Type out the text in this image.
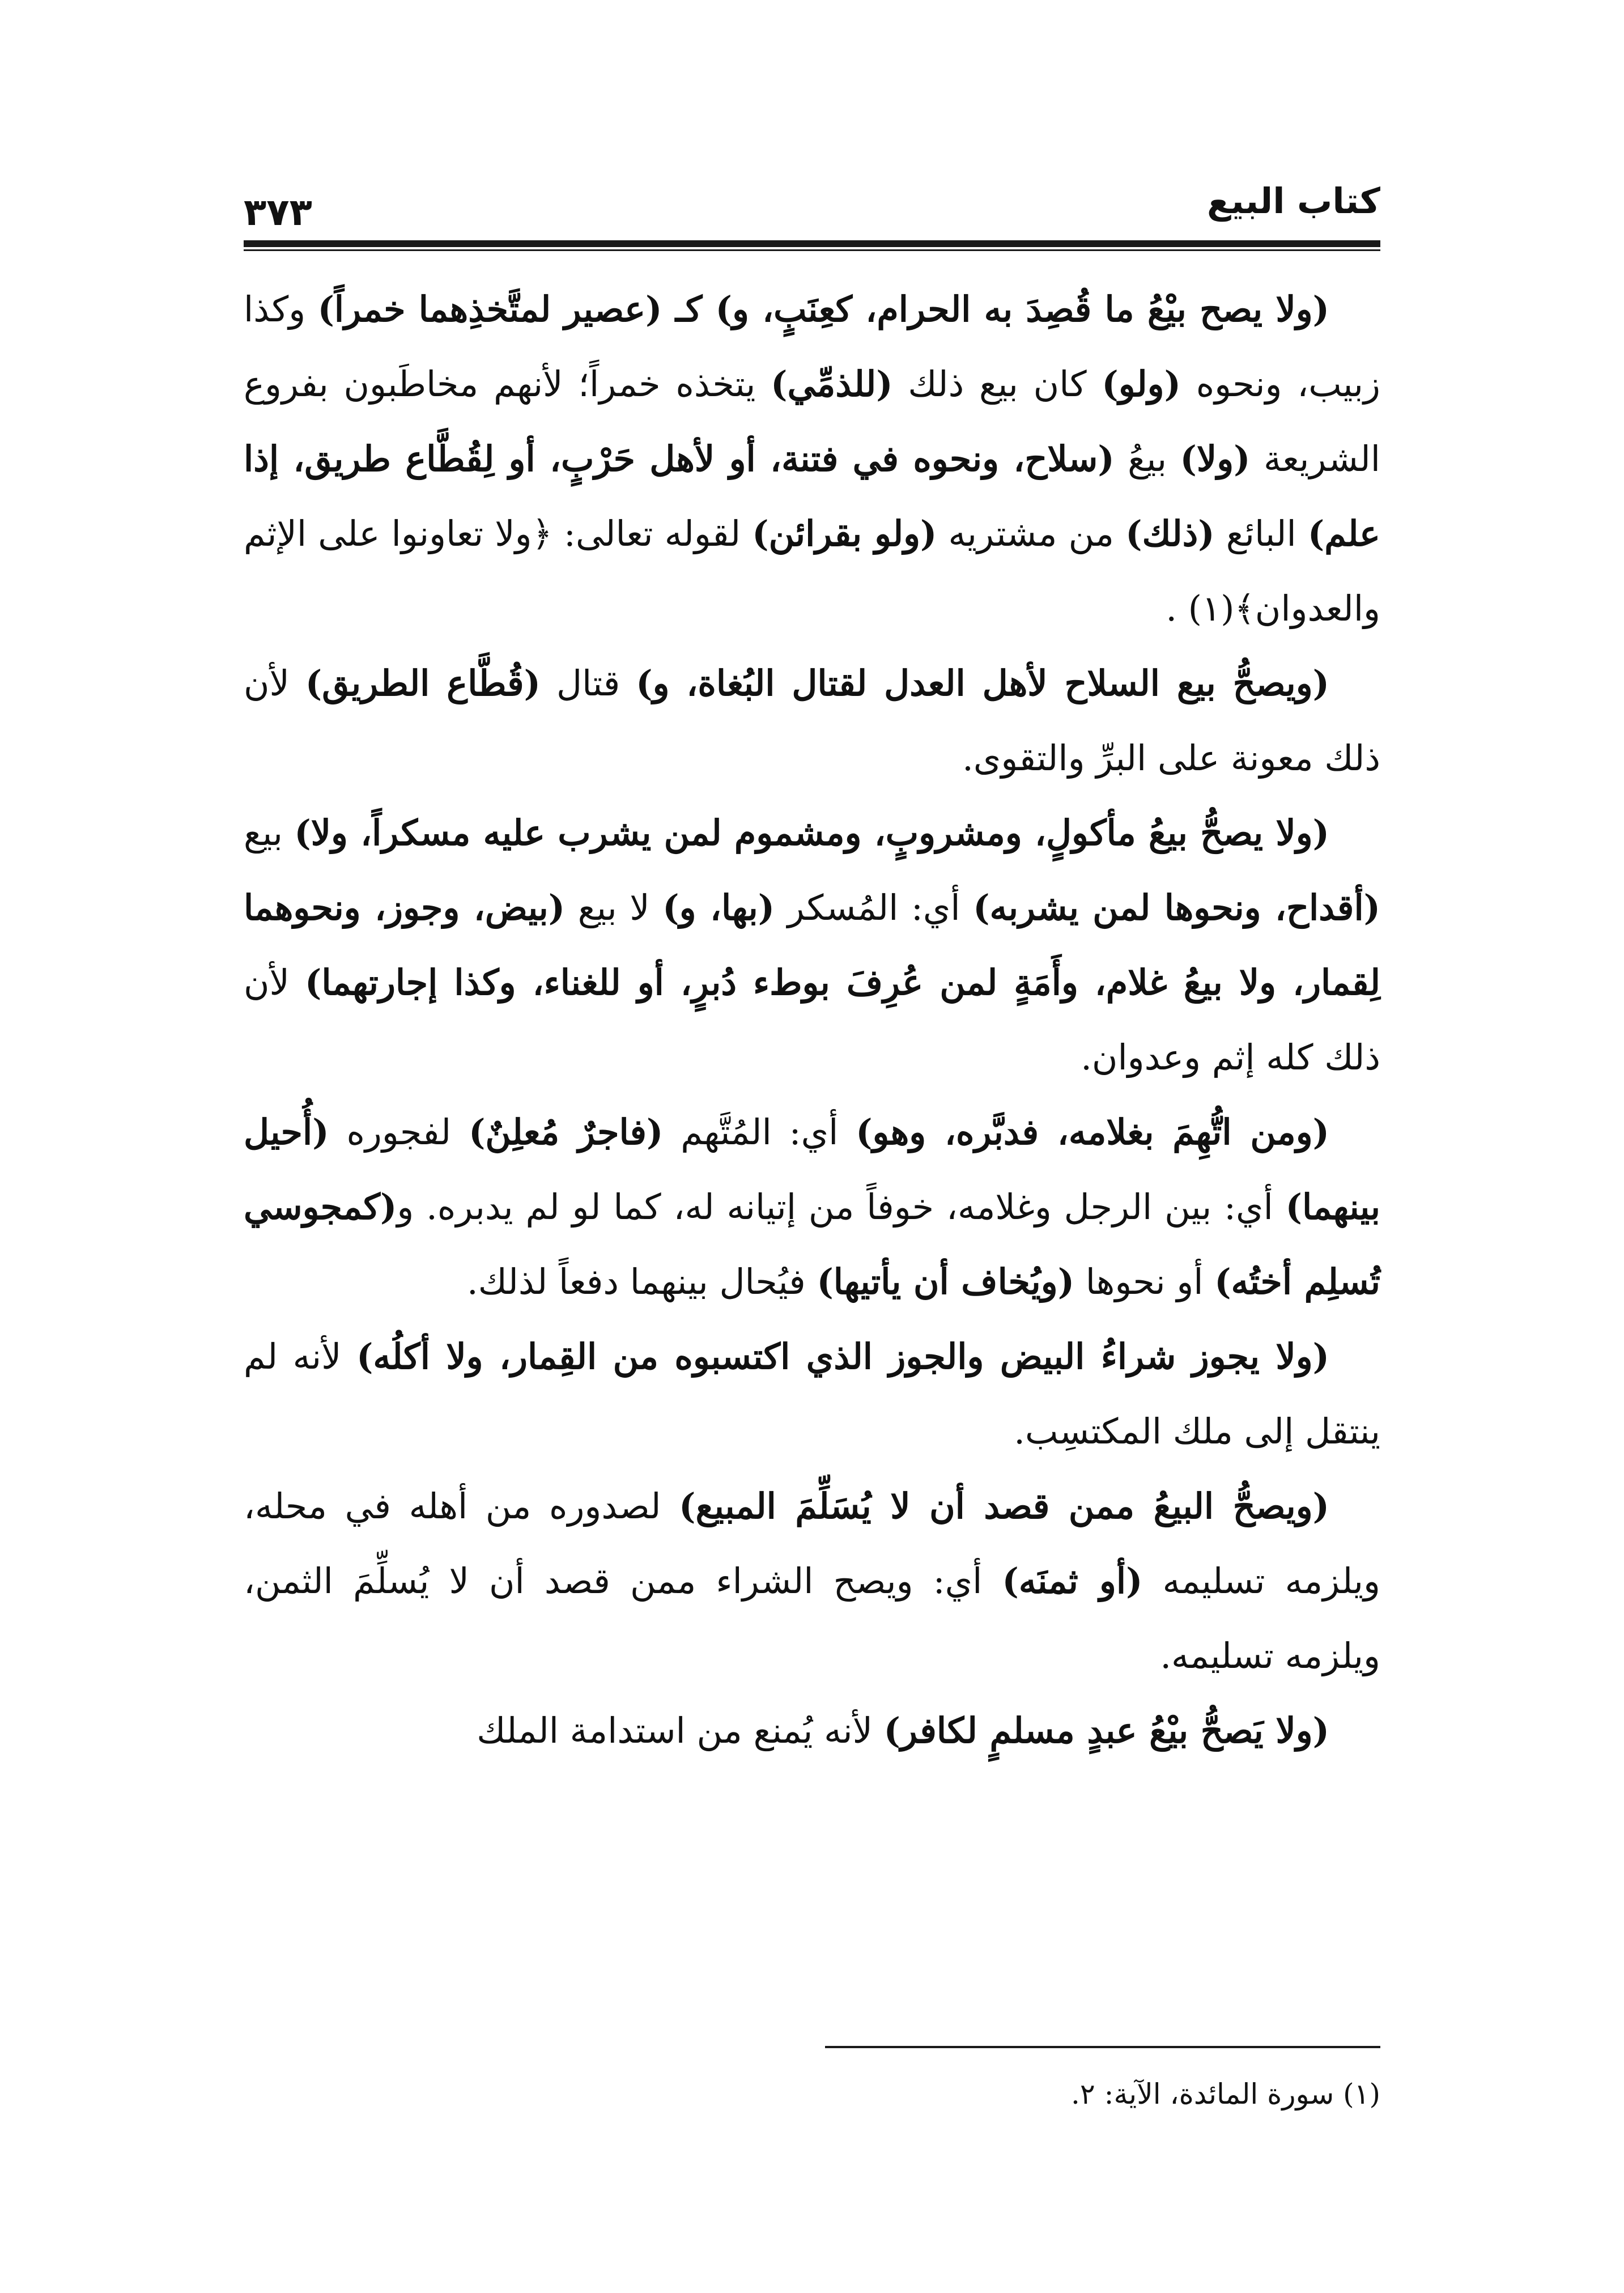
كتاب البيع
٣٧٣

(ولا يصح بيْعُ ما قُصِدَ به الحرام، كعِنَبٍ، و) كـ (عصير لمتَّخذِهما خمراً) وكذا زبيب، ونحوه (ولو) كان بيع ذلك (للذمِّي) يتخذه خمراً؛ لأنهم مخاطَبون بفروع الشريعة (ولا) بيعُ (سلاح، ونحوه في فتنة، أو لأهل حَرْبٍ، أو لِقُطَّاع طريق، إذا علم) البائع (ذلك) من مشتريه (ولو بقرائن) لقوله تعالى: ﴿ولا تعاونوا على الإثم والعدوان﴾(١) .

(ويصحُّ بيع السلاح لأهل العدل لقتال البُغاة، و) قتال (قُطَّاع الطريق) لأن ذلك معونة على البرِّ والتقوى.

(ولا يصحُّ بيعُ مأكولٍ، ومشروبٍ، ومشموم لمن يشرب عليه مسكراً، ولا) بيع (أقداح، ونحوها لمن يشربه) أي: المُسكر (بها، و) لا بيع (بيض، وجوز، ونحوهما لِقمار، ولا بيعُ غلام، وأَمَةٍ لمن عُرِفَ بوطء دُبرٍ، أو للغناء، وكذا إجارتهما) لأن ذلك كله إثم وعدوان.

(ومن اتُّهِمَ بغلامه، فدبَّره، وهو) أي: المُتَّهم (فاجرٌ مُعلِنٌ) لفجوره (أُحيل بينهما) أي: بين الرجل وغلامه، خوفاً من إتيانه له، كما لو لم يدبره. و(كمجوسي تُسلِم أختُه) أو نحوها (ويُخاف أن يأتيها) فيُحال بينهما دفعاً لذلك.

(ولا يجوز شراءُ البيض والجوز الذي اكتسبوه من القِمار، ولا أكلُه) لأنه لم ينتقل إلى ملك المكتسِب.

(ويصحُّ البيعُ ممن قصد أن لا يُسَلِّمَ المبيع) لصدوره من أهله في محله، ويلزمه تسليمه (أو ثمنَه) أي: ويصح الشراء ممن قصد أن لا يُسلِّمَ الثمن، ويلزمه تسليمه.

(ولا يَصحُّ بيْعُ عبدٍ مسلمٍ لكافر) لأنه يُمنع من استدامة الملك

(١) سورة المائدة، الآية: ٢.
